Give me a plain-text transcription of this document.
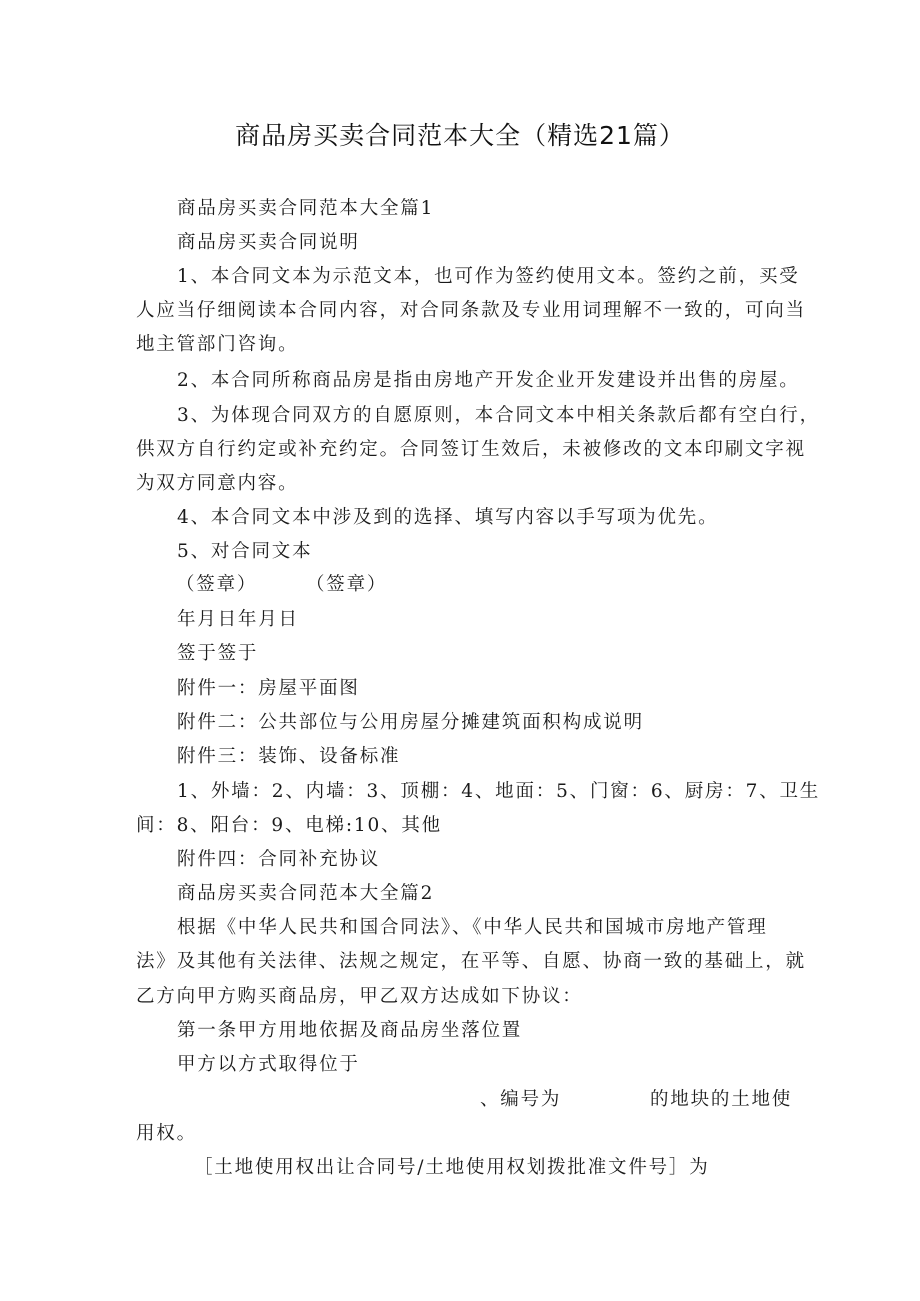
商品房买卖合同范本大全（精选21篇）
商品房买卖合同范本大全篇1
商品房买卖合同说明
1、本合同文本为示范文本，也可作为签约使用文本。签约之前，买受
人应当仔细阅读本合同内容，对合同条款及专业用词理解不一致的，可向当
地主管部门咨询。
2、本合同所称商品房是指由房地产开发企业开发建设并出售的房屋。
3、为体现合同双方的自愿原则，本合同文本中相关条款后都有空白行，
供双方自行约定或补充约定。合同签订生效后，未被修改的文本印刷文字视
为双方同意内容。
4、本合同文本中涉及到的选择、填写内容以手写项为优先。
5、对合同文本
（签章）	（签章）
年月日年月日
签于签于
附件一：房屋平面图
附件二：公共部位与公用房屋分摊建筑面积构成说明
附件三：装饰、设备标准
1、外墙：2、内墙：3、顶棚：4、地面：5、门窗：6、厨房：7、卫生
间：8、阳台：9、电梯:10、其他
附件四：合同补充协议
商品房买卖合同范本大全篇2
根据《中华人民共和国合同法》、《中华人民共和国城市房地产管理
法》及其他有关法律、法规之规定，在平等、自愿、协商一致的基础上，就
乙方向甲方购买商品房，甲乙双方达成如下协议：
第一条甲方用地依据及商品房坐落位置
甲方以方式取得位于
、编号为	的地块的土地使
用权。
［土地使用权出让合同号/土地使用权划拨批准文件号］为
